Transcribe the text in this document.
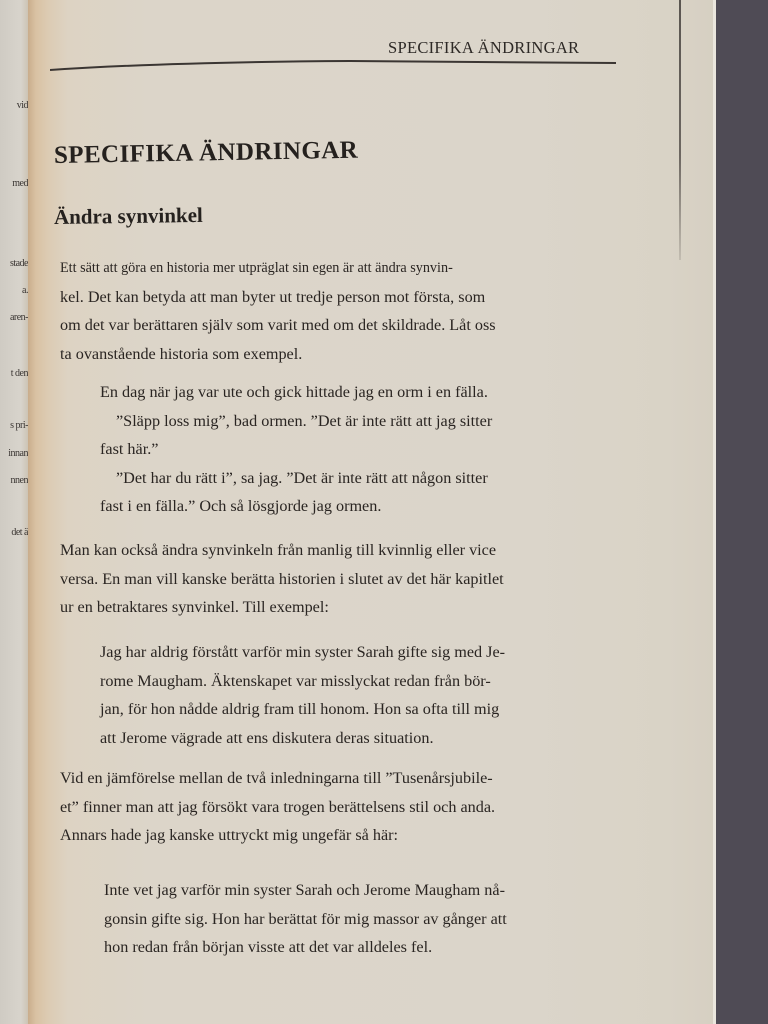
vid
med
stade
a.
aren-
t den
s pri-
innan
nnen
det ä
SPECIFIKA ÄNDRINGAR
SPECIFIKA ÄNDRINGAR
Ändra synvinkel
Ett sätt att göra en historia mer utpräglat sin egen är att ändra synvin-
kel. Det kan betyda att man byter ut tredje person mot första, som
om det var berättaren själv som varit med om det skildrade. Låt oss
ta ovanstående historia som exempel.
En dag när jag var ute och gick hittade jag en orm i en fälla.
”Släpp loss mig”, bad ormen. ”Det är inte rätt att jag sitter
fast här.”
”Det har du rätt i”, sa jag. ”Det är inte rätt att någon sitter
fast i en fälla.” Och så lösgjorde jag ormen.
Man kan också ändra synvinkeln från manlig till kvinnlig eller vice
versa. En man vill kanske berätta historien i slutet av det här kapitlet
ur en betraktares synvinkel. Till exempel:
Jag har aldrig förstått varför min syster Sarah gifte sig med Je-
rome Maugham. Äktenskapet var misslyckat redan från bör-
jan, för hon nådde aldrig fram till honom. Hon sa ofta till mig
att Jerome vägrade att ens diskutera deras situation.
Vid en jämförelse mellan de två inledningarna till ”Tusenårsjubile-
et” finner man att jag försökt vara trogen berättelsens stil och anda.
Annars hade jag kanske uttryckt mig ungefär så här:
Inte vet jag varför min syster Sarah och Jerome Maugham nå-
gonsin gifte sig. Hon har berättat för mig massor av gånger att
hon redan från början visste att det var alldeles fel.
